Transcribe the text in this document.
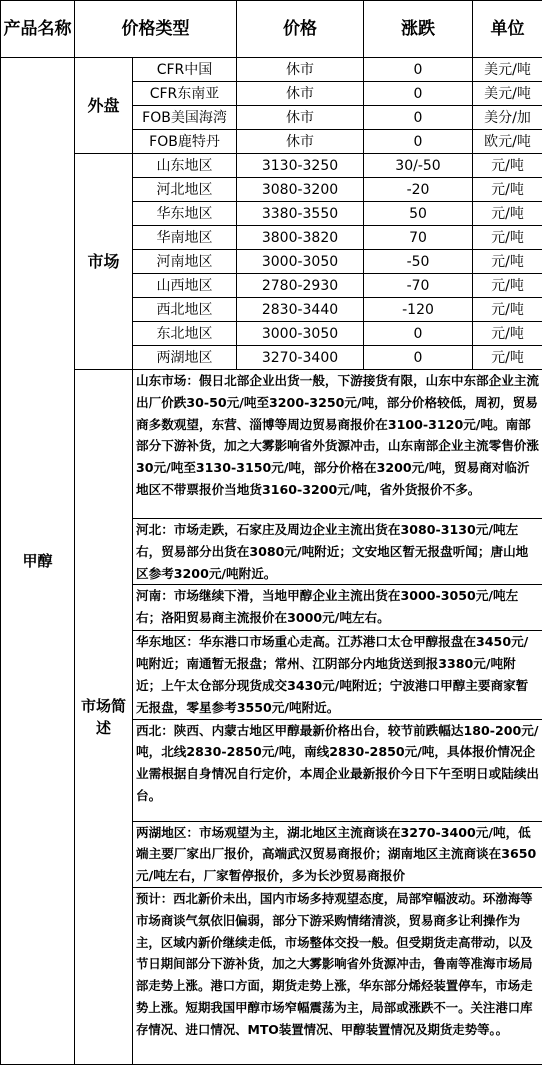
产品名称	价格类型		价格	涨跌	单位
甲醇	外盘	CFR中国	休市	0	美元/吨
		CFR东南亚	休市	0	美元/吨
		FOB美国海湾	休市	0	美分/加
		FOB鹿特丹	休市	0	欧元/吨
	市场	山东地区	3130-3250	30/-50	元/吨
		河北地区	3080-3200	-20	元/吨
		华东地区	3380-3550	50	元/吨
		华南地区	3800-3820	70	元/吨
		河南地区	3000-3050	-50	元/吨
		山西地区	2780-2930	-70	元/吨
		西北地区	2830-3440	-120	元/吨
		东北地区	3000-3050	0	元/吨
		两湖地区	3270-3400	0	元/吨
	市场简述	山东市场：假日北部企业出货一般，下游接货有限，山东中东部企业主流出厂价跌30-50元/吨至3200-3250元/吨，部分价格较低，周初，贸易商多数观望，东营、淄博等周边贸易商报价在3100-3120元/吨。南部部分下游补货，加之大雾影响省外货源冲击，山东南部企业主流零售价涨30元/吨至3130-3150元/吨，部分价格在3200元/吨，贸易商对临沂地区不带票报价当地货3160-3200元/吨，省外货报价不多。			
		河北：市场走跌，石家庄及周边企业主流出货在3080-3130元/吨左右，贸易部分出货在3080元/吨附近；文安地区暂无报盘听闻；唐山地区参考3200元/吨附近。			
		河南：市场继续下滑，当地甲醇企业主流出货在3000-3050元/吨左右；洛阳贸易商主流报价在3000元/吨左右。			
		华东地区：华东港口市场重心走高。江苏港口太仓甲醇报盘在3450元/吨附近；南通暂无报盘；常州、江阴部分内地货送到报3380元/吨附近；上午太仓部分现货成交3430元/吨附近；宁波港口甲醇主要商家暂无报盘，零星参考3550元/吨附近。			
		西北：陕西、内蒙古地区甲醇最新价格出台，较节前跌幅达180-200元/吨，北线2830-2850元/吨，南线2830-2850元/吨，具体报价情况企业需根据自身情况自行定价，本周企业最新报价今日下午至明日或陆续出台。			
		两湖地区：市场观望为主，湖北地区主流商谈在3270-3400元/吨，低端主要厂家出厂报价，高端武汉贸易商报价；湖南地区主流商谈在3650元/吨左右，厂家暂停报价，多为长沙贸易商报价			
		预计：西北新价未出，国内市场多持观望态度，局部窄幅波动。环渤海等市场商谈气氛依旧偏弱，部分下游采购情绪清淡，贸易商多让利操作为主，区域内新价继续走低，市场整体交投一般。但受期货走高带动，以及节日期间部分下游补货，加之大雾影响省外货源冲击，鲁南等准海市场局部走势上涨。港口方面，期货走势上涨，华东部分烯烃装置停车，市场走势上涨。短期我国甲醇市场窄幅震荡为主，局部或涨跌不一。关注港口库存情况、进口情况、MTO装置情况、甲醇装置情况及期货走势等。。			
